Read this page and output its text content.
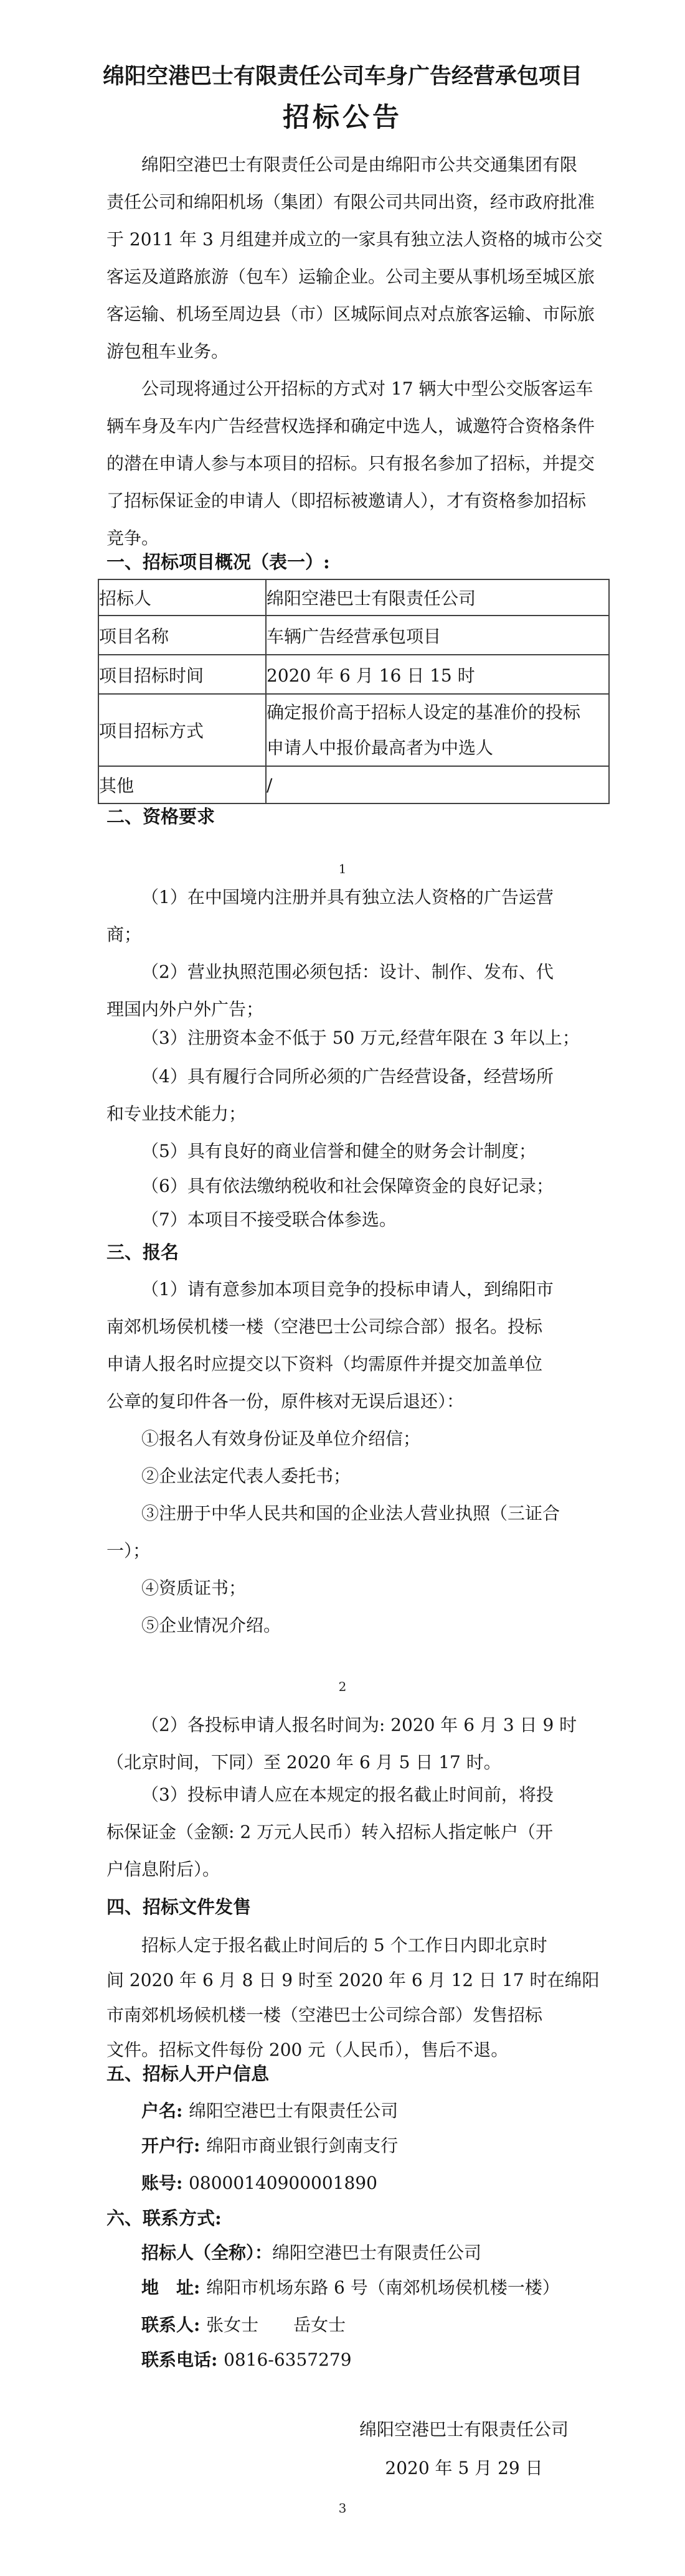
绵阳空港巴士有限责任公司车身广告经营承包项目
招标公告
绵阳空港巴士有限责任公司是由绵阳市公共交通集团有限
责任公司和绵阳机场（集团）有限公司共同出资，经市政府批准
于 2011 年 3 月组建并成立的一家具有独立法人资格的城市公交
客运及道路旅游（包车）运输企业。公司主要从事机场至城区旅
客运输、机场至周边县（市）区城际间点对点旅客运输、市际旅
游包租车业务。
公司现将通过公开招标的方式对 17 辆大中型公交版客运车
辆车身及车内广告经营权选择和确定中选人，诚邀符合资格条件
的潜在申请人参与本项目的招标。只有报名参加了招标，并提交
了招标保证金的申请人（即招标被邀请人），才有资格参加招标
竞争。
一、招标项目概况（表一）:
招标人	绵阳空港巴士有限责任公司
项目名称	车辆广告经营承包项目
项目招标时间	2020 年 6 月 16 日 15 时
项目招标方式	确定报价高于招标人设定的基准价的投标
申请人中报价最高者为中选人

其他	/
二、资格要求
1
（1）在中国境内注册并具有独立法人资格的广告运营
商；
（2）营业执照范围必须包括：设计、制作、发布、代
理国内外户外广告；
（3）注册资本金不低于 50 万元,经营年限在 3 年以上；
（4）具有履行合同所必须的广告经营设备，经营场所
和专业技术能力；
（5）具有良好的商业信誉和健全的财务会计制度；
（6）具有依法缴纳税收和社会保障资金的良好记录；
（7）本项目不接受联合体参选。
三、报名
（1）请有意参加本项目竞争的投标申请人，到绵阳市
南郊机场侯机楼一楼（空港巴士公司综合部）报名。投标
申请人报名时应提交以下资料（均需原件并提交加盖单位
公章的复印件各一份，原件核对无误后退还）：
①报名人有效身份证及单位介绍信；
②企业法定代表人委托书；
③注册于中华人民共和国的企业法人营业执照（三证合
一）；
④资质证书；
⑤企业情况介绍。
2
（2）各投标申请人报名时间为: 2020 年 6 月 3 日 9 时
（北京时间，下同）至 2020 年 6 月 5 日 17 时。
（3）投标申请人应在本规定的报名截止时间前，将投
标保证金（金额: 2 万元人民币）转入招标人指定帐户（开
户信息附后）。
四、招标文件发售
招标人定于报名截止时间后的 5 个工作日内即北京时
间 2020 年 6 月 8 日 9 时至 2020 年 6 月 12 日 17 时在绵阳
市南郊机场候机楼一楼（空港巴士公司综合部）发售招标
文件。招标文件每份 200 元（人民币），售后不退。
五、招标人开户信息
户名: 绵阳空港巴士有限责任公司
开户行: 绵阳市商业银行剑南支行
账号: 08000140900001890
六、联系方式:
招标人（全称）：绵阳空港巴士有限责任公司
地　址: 绵阳市机场东路 6 号（南郊机场侯机楼一楼）
联系人: 张女士　　岳女士
联系电话: 0816-6357279
绵阳空港巴士有限责任公司
2020 年 5 月 29 日
3
